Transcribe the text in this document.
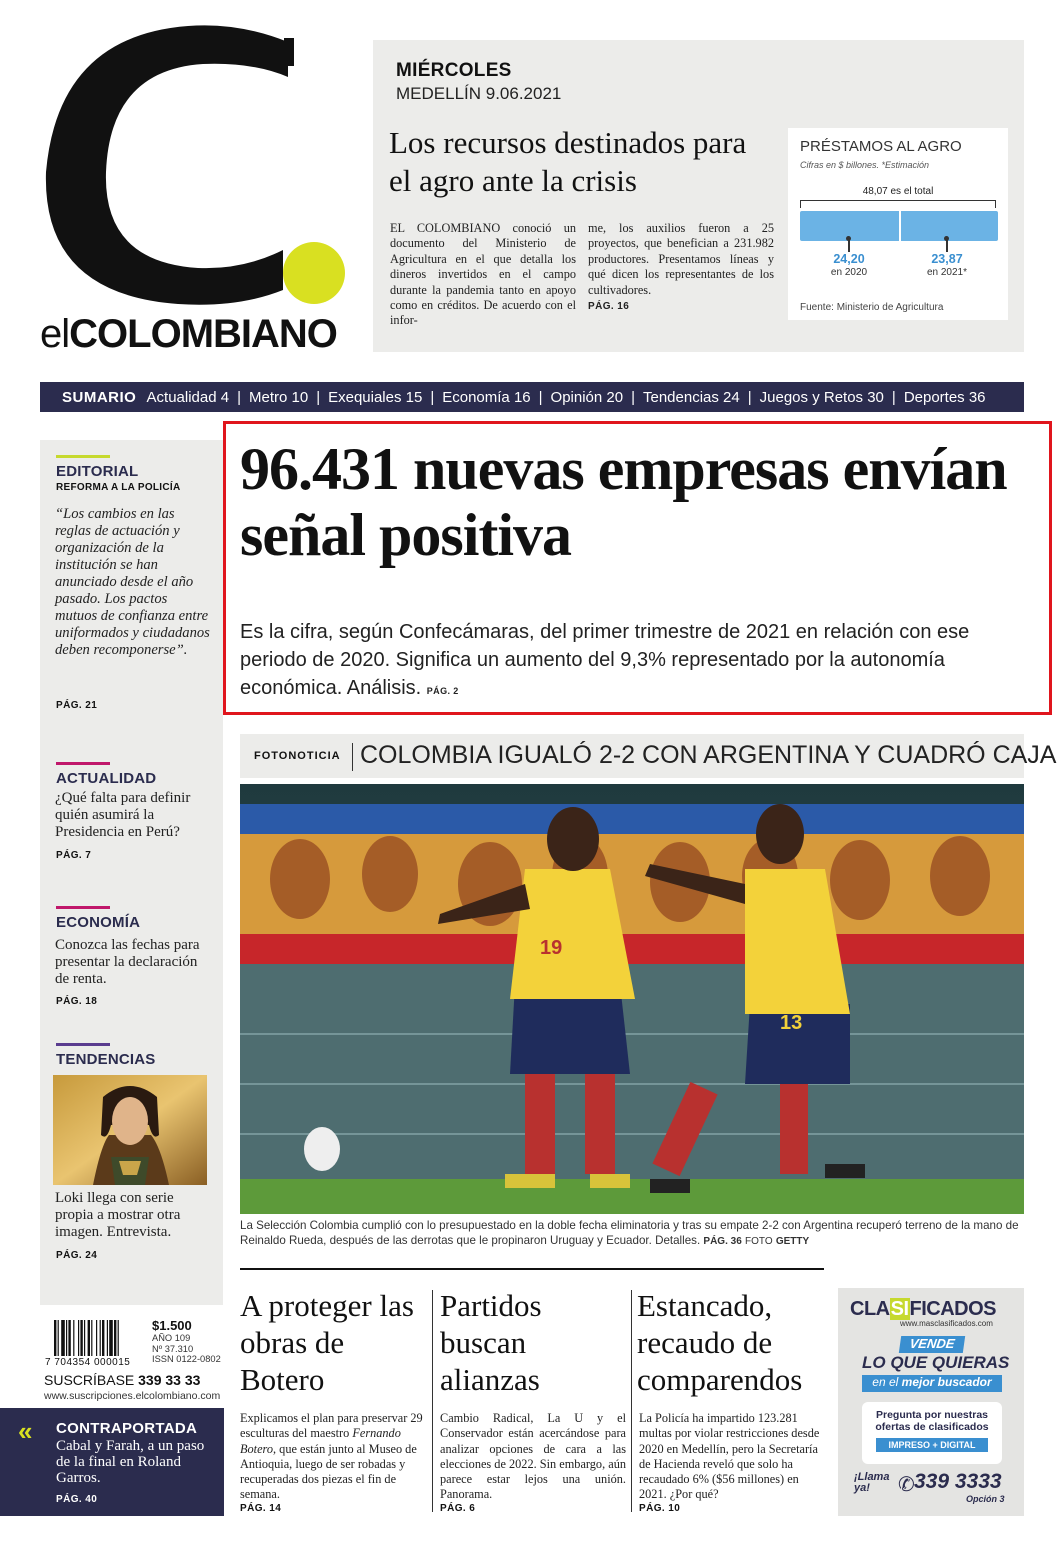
elCOLOMBIANO
MIÉRCOLES
MEDELLÍN 9.06.2021
Los recursos destinados para el agro ante la crisis
EL COLOMBIANO conoció un documento del Ministerio de Agricultura en el que detalla los dineros invertidos en el campo durante la pandemia tanto en apoyo como en créditos. De acuerdo con el infor-
me, los auxilios fueron a 25 proyectos, que benefician a 231.982 productores. Presentamos líneas y qué dicen los representantes de los cultivadores.
PÁG. 16
PRÉSTAMOS AL AGRO
Cifras en $ billones. *Estimación
48,07 es el total
24,20
en 2020
23,87
en 2021*
Fuente: Ministerio de Agricultura
SUMARIO Actualidad 4 | Metro 10 | Exequiales 15 | Economía 16 | Opinión 20 | Tendencias 24 | Juegos y Retos 30 | Deportes 36
EDITORIAL
REFORMA A LA POLICÍA
“Los cambios en las reglas de actuación y organización de la institución se han anunciado desde el año pasado. Los pactos mutuos de confianza entre uniformados y ciudadanos deben recomponerse”.
PÁG. 21
ACTUALIDAD
¿Qué falta para definir quién asumirá la Presidencia en Perú?
PÁG. 7
ECONOMÍA
Conozca las fechas para presentar la declaración de renta.
PÁG. 18
TENDENCIAS
Loki llega con serie propia a mostrar otra imagen. Entrevista.
PÁG. 24
7 704354 000015
$1.500
AÑO 109
Nº 37.310
ISSN 0122-0802
SUSCRÍBASE 339 33 33
www.suscripciones.elcolombiano.com
« CONTRAPORTADA
Cabal y Farah, a un paso de la final en Roland Garros.
PÁG. 40
96.431 nuevas empresas envían señal positiva
Es la cifra, según Confecámaras, del primer trimestre de 2021 en relación con ese periodo de 2020. Significa un aumento del 9,3% representado por la autonomía económica. Análisis. PÁG. 2
FOTONOTICIA COLOMBIA IGUALÓ 2-2 CON ARGENTINA Y CUADRÓ CAJA
19
13
La Selección Colombia cumplió con lo presupuestado en la doble fecha eliminatoria y tras su empate 2-2 con Argentina recuperó terreno de la mano de Reinaldo Rueda, después de las derrotas que le propinaron Uruguay y Ecuador. Detalles. PÁG. 36 FOTO GETTY
A proteger las obras de Botero
Explicamos el plan para preservar 29 esculturas del maestro Fernando Botero, que están junto al Museo de Antioquia, luego de ser robadas y recuperadas dos piezas el fin de semana.
PÁG. 14
Partidos buscan alianzas
Cambio Radical, La U y el Conservador están acercándose para analizar opciones de cara a las elecciones de 2022. Sin embargo, aún parece estar lejos una unión. Panorama.
PÁG. 6
Estancado, recaudo de comparendos
La Policía ha impartido 123.281 multas por violar restricciones desde 2020 en Medellín, pero la Secretaría de Hacienda reveló que solo ha recaudado 6% ($56 millones) en 2021. ¿Por qué?
PÁG. 10
CLASIFICADOS
www.masclasificados.com
VENDE
LO QUE QUIERAS
en el mejor buscador
Pregunta por nuestras ofertas de clasificados
IMPRESO + DIGITAL
¡Llama ya!	✆ 339 3333
Opción 3
